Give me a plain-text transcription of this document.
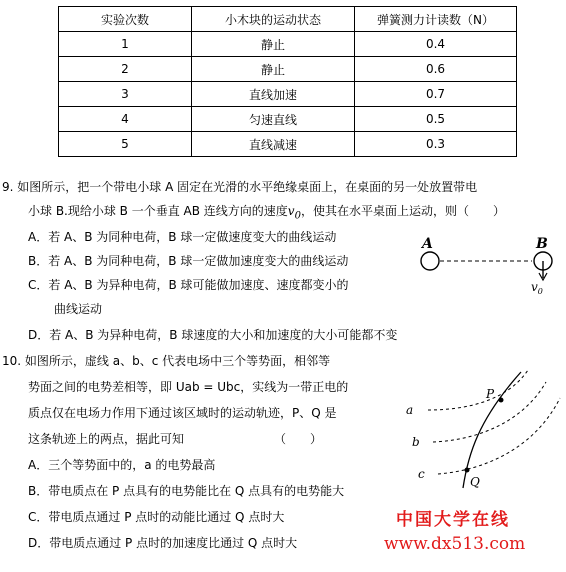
实验次数	小木块的运动状态	弹簧测力计读数（N）
1	静止	0.4
2	静止	0.6
3	直线加速	0.7
4	匀速直线	0.5
5	直线减速	0.3
9. 如图所示，把一个带电小球 A 固定在光滑的水平绝缘桌面上，在桌面的另一处放置带电
小球 B.现给小球 B 一个垂直 AB 连线方向的速度$v_0$，使其在水平桌面上运动，则（　　）
A．若 A、B 为同种电荷，B 球一定做速度变大的曲线运动
B．若 A、B 为同种电荷，B 球一定做加速度变大的曲线运动
C．若 A、B 为异种电荷，B 球可能做加速度、速度都变小的
曲线运动
D．若 A、B 为异种电荷，B 球速度的大小和加速度的大小可能都不变
A	B
$v_0$
10. 如图所示，虚线 a、b、c 代表电场中三个等势面，相邻等
势面之间的电势差相等，即 Uab = Ubc，实线为一带正电的
质点仅在电场力作用下通过该区域时的运动轨迹，P、Q 是
这条轨迹上的两点，据此可知　　　　　　　　（　　）
A．三个等势面中的，a 的电势最高
B．带电质点在 P 点具有的电势能比在 Q 点具有的电势能大
C．带电质点通过 P 点时的动能比通过 Q 点时大
D．带电质点通过 P 点时的加速度比通过 Q 点时大
a
b
c
P
Q
中国大学在线
www.dx513.com
